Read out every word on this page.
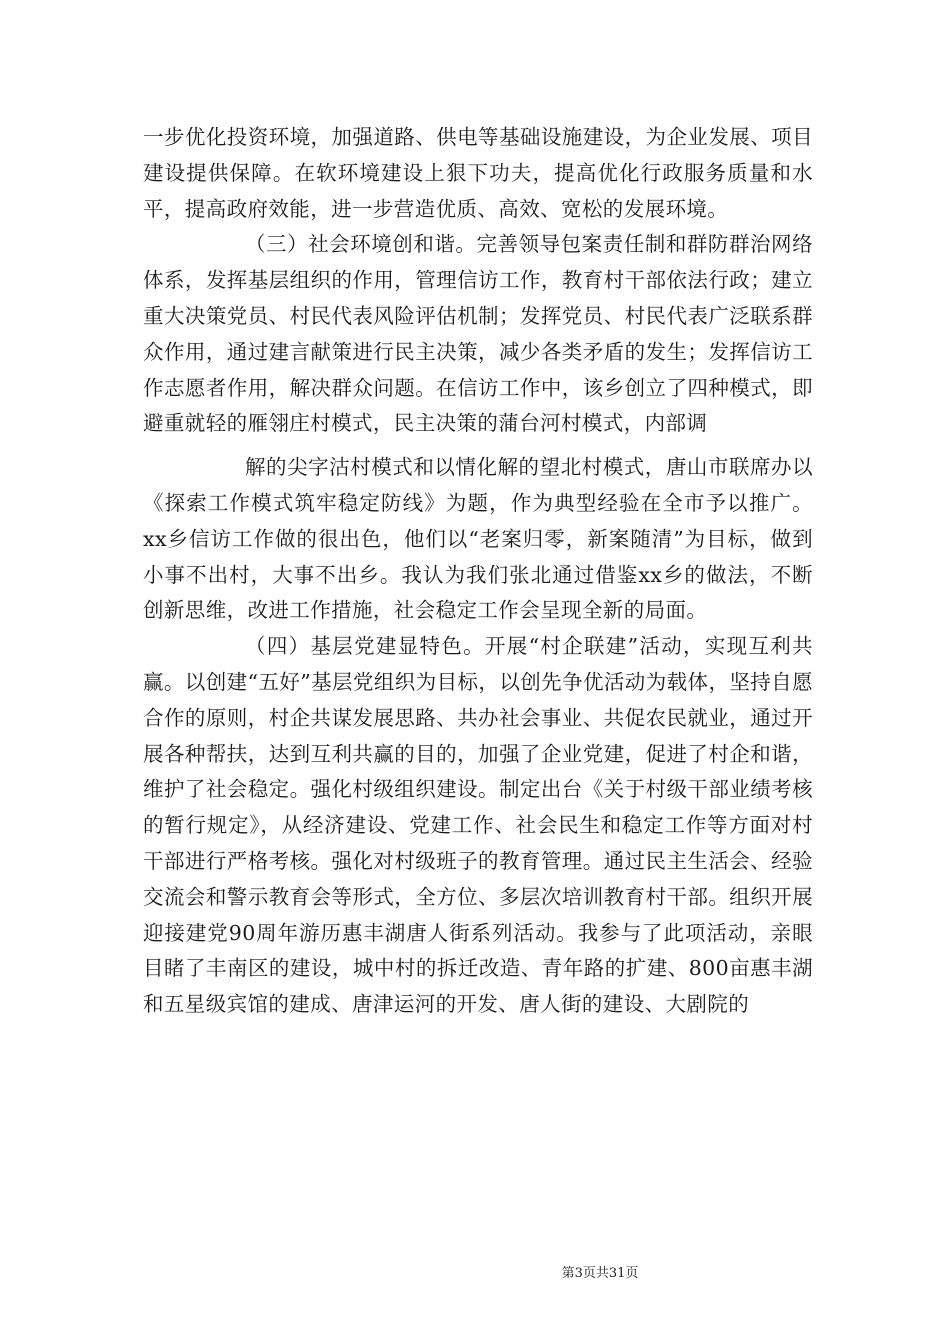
一步优化投资环境，加强道路、供电等基础设施建设，为企业发展、项目建设提供保障。在软环境建设上狠下功夫，提高优化行政服务质量和水平，提高政府效能，进一步营造优质、高效、宽松的发展环境。

（三）社会环境创和谐。完善领导包案责任制和群防群治网络体系，发挥基层组织的作用，管理信访工作，教育村干部依法行政；建立重大决策党员、村民代表风险评估机制；发挥党员、村民代表广泛联系群众作用，通过建言献策进行民主决策，减少各类矛盾的发生；发挥信访工作志愿者作用，解决群众问题。在信访工作中，该乡创立了四种模式，即避重就轻的雁翎庄村模式，民主决策的蒲台河村模式，内部调

解的尖字沽村模式和以情化解的望北村模式，唐山市联席办以《探索工作模式筑牢稳定防线》为题，作为典型经验在全市予以推广。xx乡信访工作做的很出色，他们以“老案归零，新案随清”为目标，做到小事不出村，大事不出乡。我认为我们张北通过借鉴xx乡的做法，不断创新思维，改进工作措施，社会稳定工作会呈现全新的局面。

（四）基层党建显特色。开展“村企联建”活动，实现互利共赢。以创建“五好”基层党组织为目标，以创先争优活动为载体，坚持自愿合作的原则，村企共谋发展思路、共办社会事业、共促农民就业，通过开展各种帮扶，达到互利共赢的目的，加强了企业党建，促进了村企和谐，维护了社会稳定。强化村级组织建设。制定出台《关于村级干部业绩考核的暂行规定》，从经济建设、党建工作、社会民生和稳定工作等方面对村干部进行严格考核。强化对村级班子的教育管理。通过民主生活会、经验交流会和警示教育会等形式，全方位、多层次培训教育村干部。组织开展迎接建党90周年游历惠丰湖唐人街系列活动。我参与了此项活动，亲眼目睹了丰南区的建设，城中村的拆迁改造、青年路的扩建、800亩惠丰湖和五星级宾馆的建成、唐津运河的开发、唐人街的建设、大剧院的

第3页共31页
